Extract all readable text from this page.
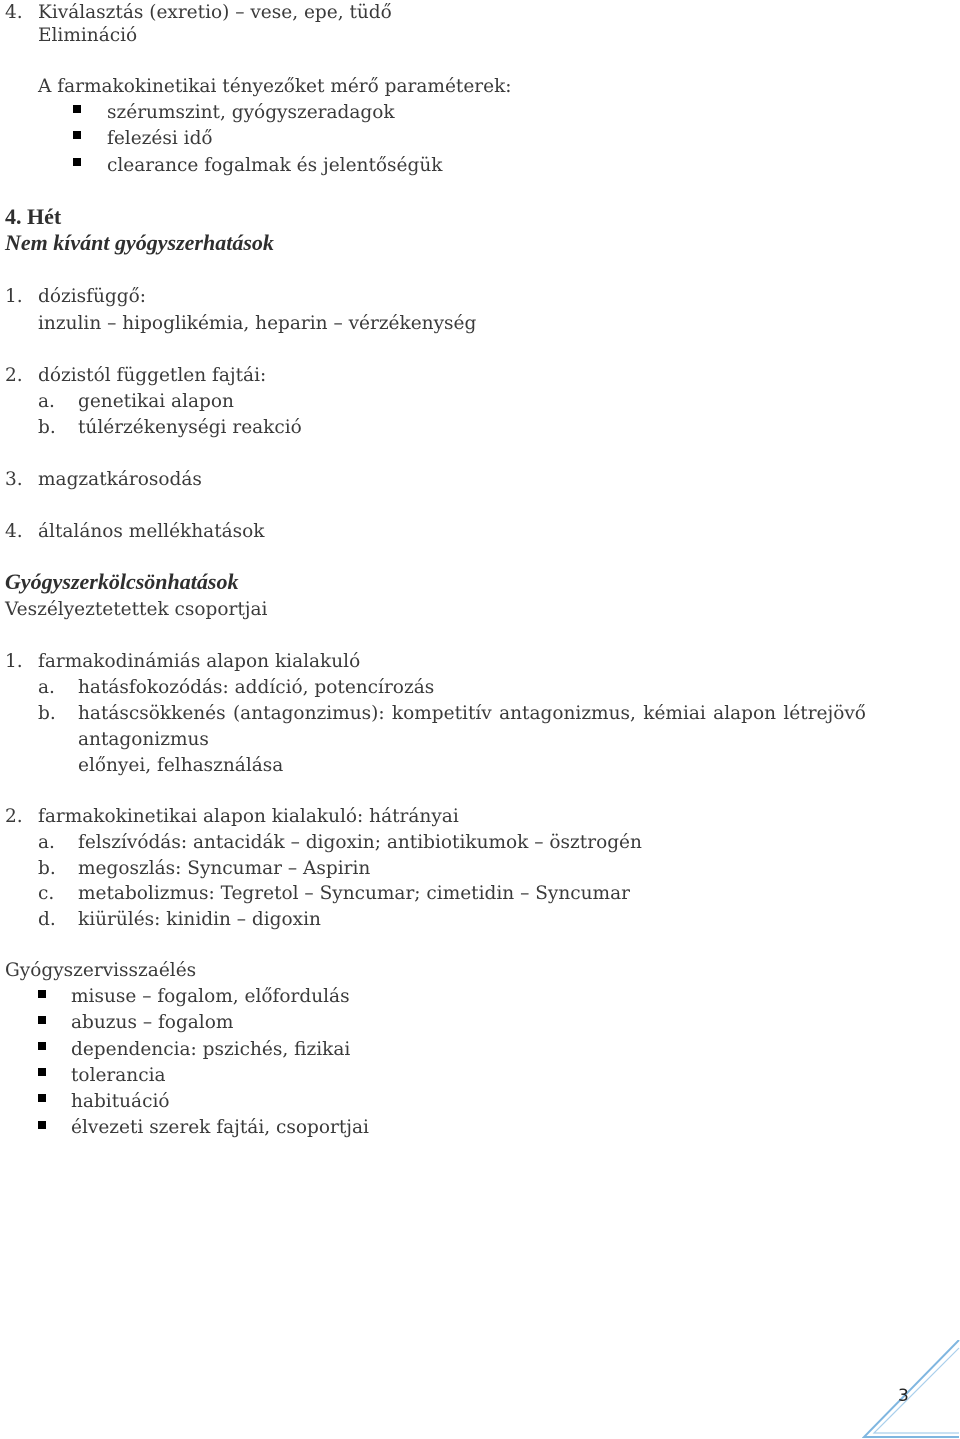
4. Kiválasztás (exretio) – vese, epe, tüdő
Elimináció
A farmakokinetikai tényezőket mérő paraméterek:
szérumszint, gyógyszeradagok
felezési idő
clearance fogalmak és jelentőségük
4. Hét
Nem kívánt gyógyszerhatások
1. dózisfüggő:
inzulin – hipoglikémia, heparin – vérzékenység
2. dózistól független fajtái:
a. genetikai alapon
b. túlérzékenységi reakció
3. magzatkárosodás
4. általános mellékhatások
Gyógyszerkölcsönhatások
Veszélyeztetettek csoportjai
1. farmakodinámiás alapon kialakuló
a. hatásfokozódás: addíció, potencírozás
b. hatáscsökkenés (antagonzimus): kompetitív antagonizmus, kémiai alapon létrejövő
antagonizmus
előnyei, felhasználása
2. farmakokinetikai alapon kialakuló: hátrányai
a. felszívódás: antacidák – digoxin; antibiotikumok – ösztrogén
b. megoszlás: Syncumar – Aspirin
c. metabolizmus: Tegretol – Syncumar; cimetidin – Syncumar
d. kiürülés: kinidin – digoxin
Gyógyszervisszaélés
misuse – fogalom, előfordulás
abuzus – fogalom
dependencia: pszichés, fizikai
tolerancia
habituáció
élvezeti szerek fajtái, csoportjai
3
